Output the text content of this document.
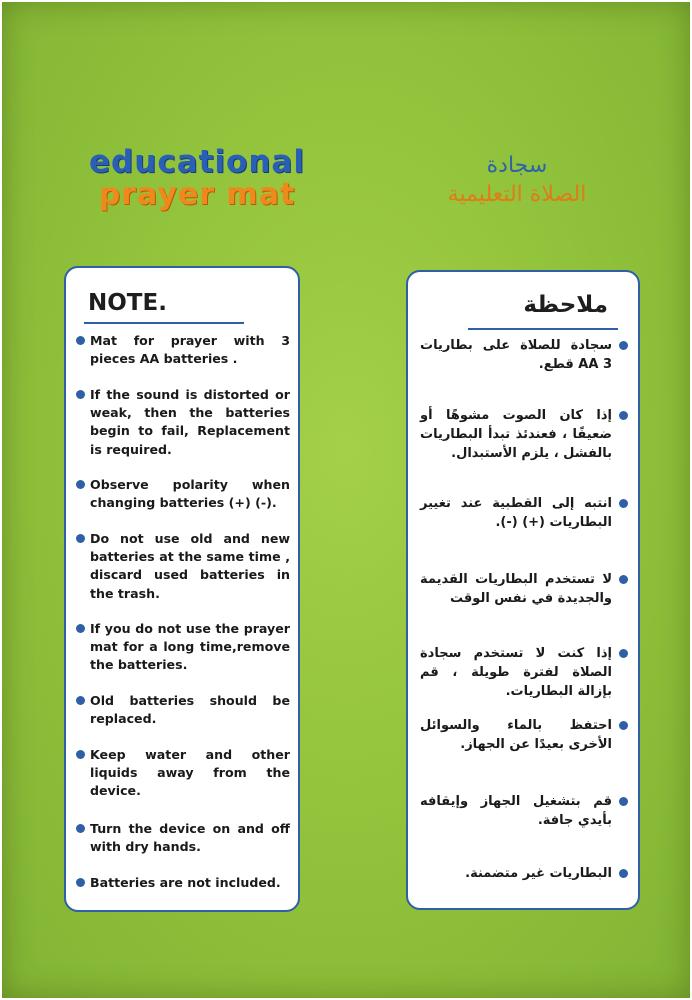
educational
prayer mat
سجادة
الصلاة التعليمية
NOTE.
Mat for prayer with 3 pieces AA batteries .
If the sound is distorted or weak, then the batteries begin to fail, Replacement is required.
Observe polarity when changing batteries (+) (-).
Do not use old and new batteries at the same time , discard used batteries in the trash.
If you do not use the prayer mat for a long time,remove the batteries.
Old batteries should be replaced.
Keep water and other liquids away from the device.
Turn the device on and off with dry hands.
Batteries are not included.
ملاحظة
سجادة للصلاة على بطاريات AA 3 قطع.
إذا كان الصوت مشوهًا أو ضعيفًا ، فعندئذ تبدأ البطاريات بالفشل ، يلزم الأستبدال.
انتبه إلى القطبية عند تغيير البطاريات (+) (-).
لا تستخدم البطاريات القديمة والجديدة في نفس الوقت
إذا كنت لا تستخدم سجادة الصلاة لفترة طويلة ، قم بإزالة البطاريات.
احتفظ بالماء والسوائل الأخرى بعيدًا عن الجهاز.
قم بتشغيل الجهاز وإيقافه بأيدي جافة.
البطاريات غير متضمنة.
